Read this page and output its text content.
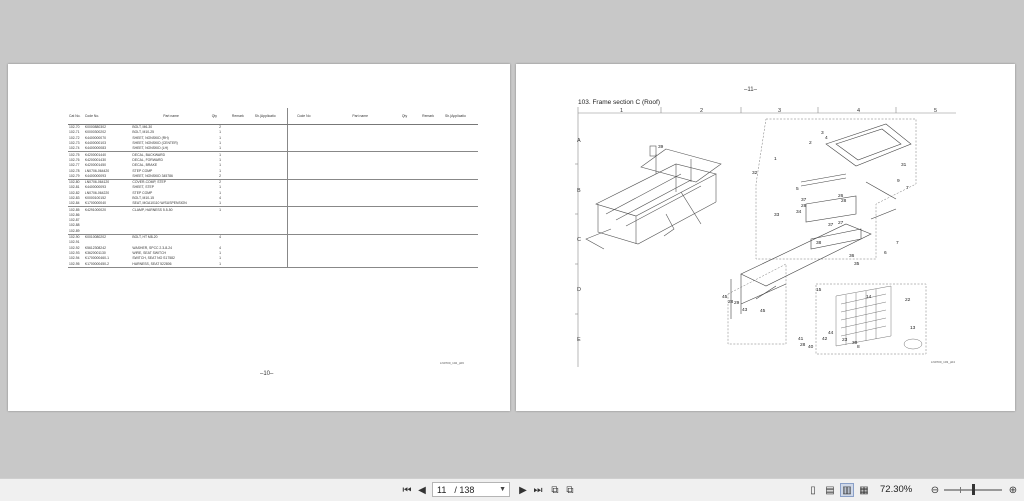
Cat No.	Code No.	Part name	Qty	Remark	Sh.(Applicatio	Code No	Part name	Qty	Remark	Sh.(Applicatio
102-70	K0000880302	BOLT, M6-30	2							
102-71	K0000300202	BOLT, M10-25	1							
102-72	K4400000070	SHEET, NONSKID (RH)	1							
102-73	K4400000103	SHEET, NONSKID (CENTER)	1							
102-74	K4400000083	SHEET, NONSKID (LH)	1							
102-75	K4200001440	DECAL, BACKWARD	1							
102-76	K4200001430	DECAL, FORWARD	1							
102-77	K4200001450	DECAL, BRAKE	1							
102-78	LN0706-064420	STEP COMP	1							
102-79	K4400000093	SHEET, NONSKID 345786	2							
102-80	LN0706-064120	COVER-COMP, STEP	2							
102-81	K4400000093	SHEET, STEP	1							
102-82	LN0706-064220	STEP COMP	1							
102-83	K0000100152	BOLT, M10-15	4							
102-84	K1700000040	SEAT, MGA10110 W/SUSPENSION	1							
102-85	K4291000020	CLAMP, HARNESS 5.5-50	1							
102-86										
102-87										
102-88										
102-89										
102-90	K0010080202	BOLT, HT M8-20	4							
102-91										
102-92	K5612308242	WASHER, SPCC 2.3-8-24	4							
102-93	K3620001130	WIRE, SEAT SWITCH	1							
102-94	K1700000460-1	SWITCH, SEAT NO S17582	1							
102-95	K1700000450-2	HARNESS, SEAT 522806	1							
LN0700_102_p06
–10–
–11–
103. Frame section C (Roof)
1	2	3	4	5
A
B
C
D
E
3
4
2
1
31
32
5
37
28
34
33
26
28
9
7
27
37
7
6
36
35
38
39
15
14
22
13
45
28 29
45
43
44
42	23
30
8
41
28 40
LN0700_103_p04
⏮ ◀	11 / 138	▼	▶ ⏭ ⧉ ⧉	▯ ▤ ▥ ▦ 72.30% ⊖	⊕
